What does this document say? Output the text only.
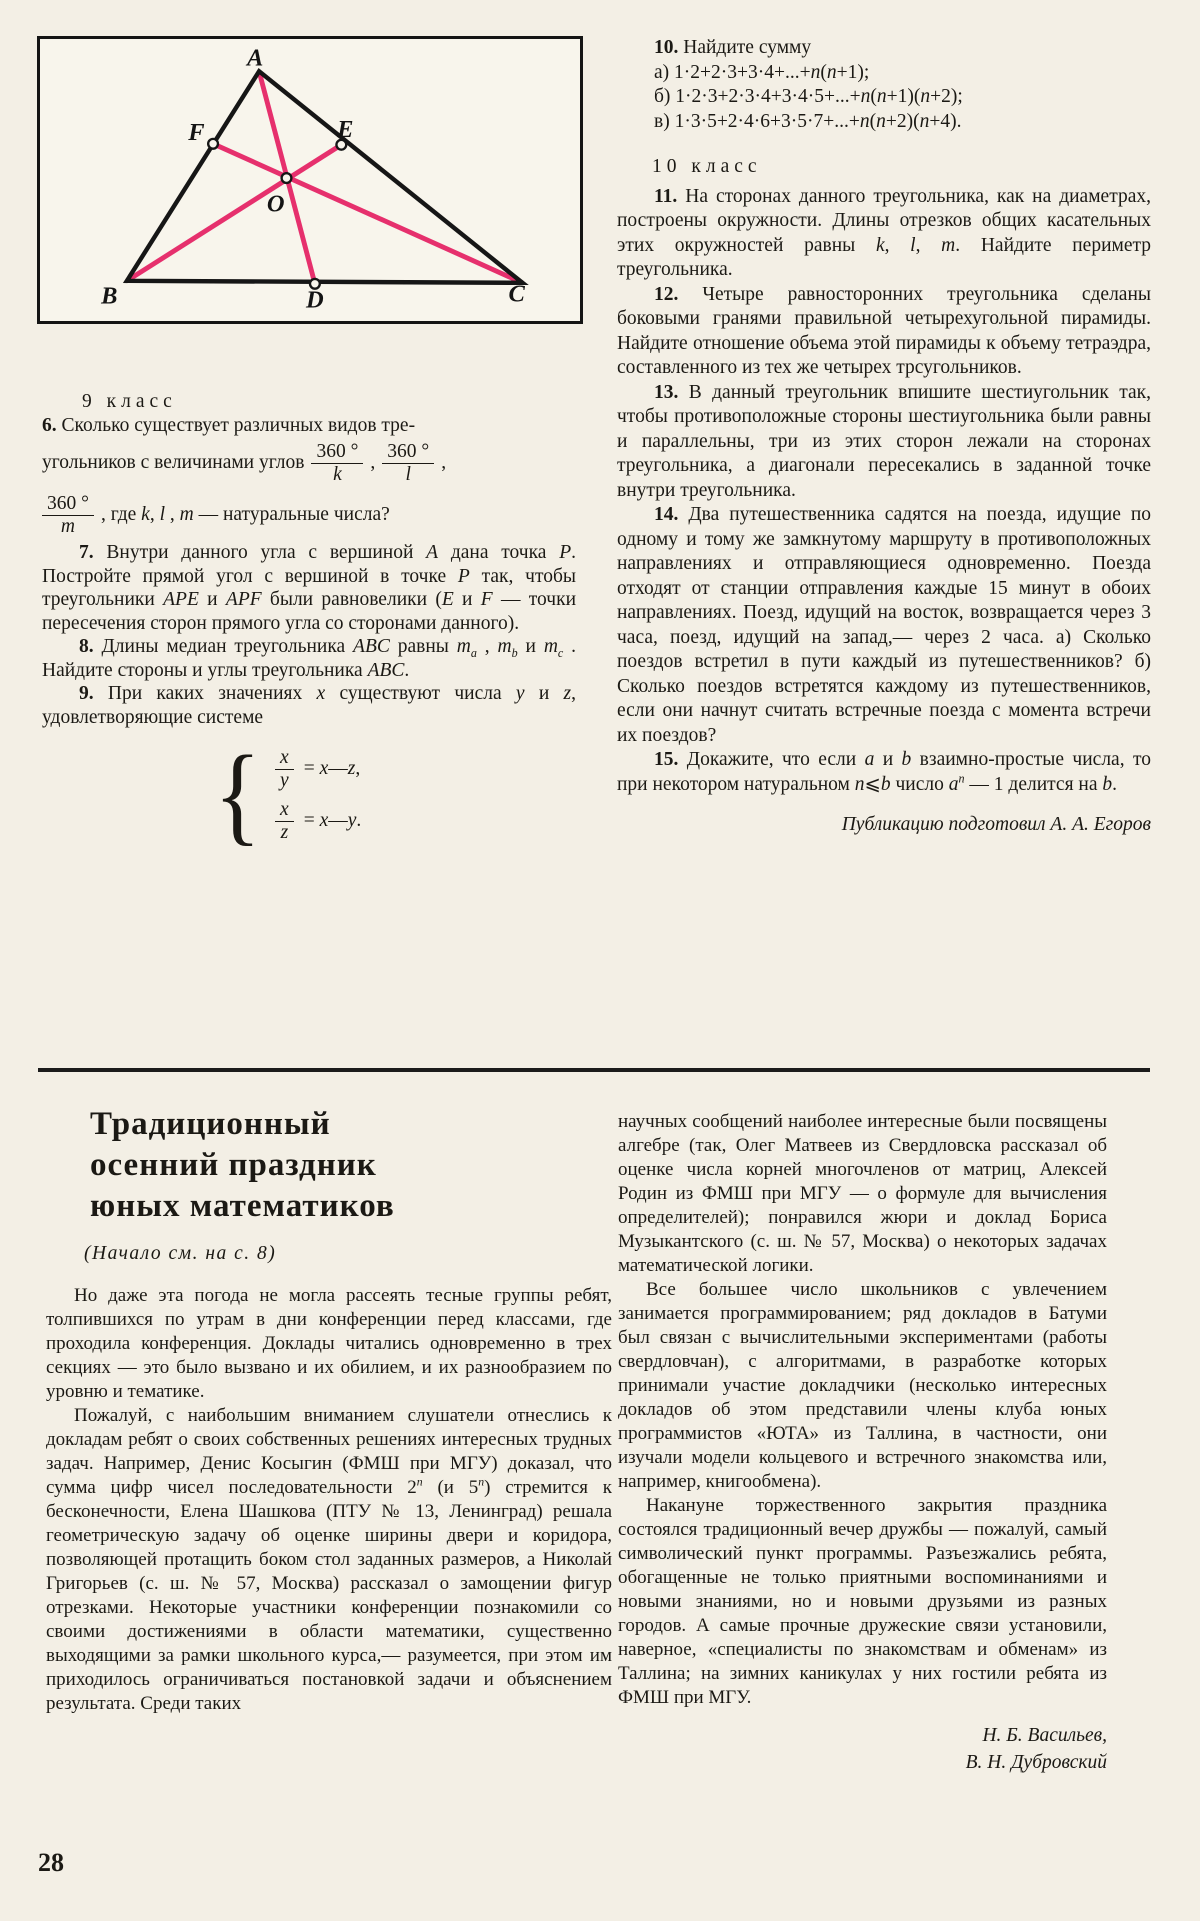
A
F	E
O
B	D	C
9 класс
6. Сколько существует различных видов тре-
угольников с величинами углов $\frac{360 ^\circ}{k}$ , $\frac{360 ^\circ}{l}$ ,
$\frac{360 ^\circ}{m}$ , где k, l , m — натуральные числа?

7. Внутри данного угла с вершиной A дана точка P. Постройте прямой угол с вершиной в точке P так, чтобы треугольники APE и APF были равновелики (E и F — точки пересечения сторон прямого угла со сторонами данного).

8. Длины медиан треугольника ABC равны $m_a$ , $m_b$ и $m_c$ . Найдите стороны и углы треугольника ABC.

9. При каких значениях x существуют числа y и z, удовлетворяющие системе

{ $\frac{x}{y}$ = x—z,
$\frac{x}{z}$ = x—y.

10. Найдите сумму

а) 1·2+2·3+3·4+...+n(n+1);
б) 1·2·3+2·3·4+3·4·5+...+n(n+1)(n+2);
в) 1·3·5+2·4·6+3·5·7+...+n(n+2)(n+4).
10 класс

11. На сторонах данного треугольника, как на диаметрах, построены окружности. Длины отрезков общих касательных этих окружностей равны k, l, m. Найдите периметр треугольника.

12. Четыре равносторонних треугольника сделаны боковыми гранями правильной четырехугольной пирамиды. Найдите отношение объема этой пирамиды к объему тетраэдра, составленного из тех же четырех трсугольников.

13. В данный треугольник впишите шестиугольник так, чтобы противоположные стороны шестиугольника были равны и параллельны, три из этих сторон лежали на сторонах треугольника, а диагонали пересекались в заданной точке внутри треугольника.

14. Два путешественника садятся на поезда, идущие по одному и тому же замкнутому маршруту в противоположных направлениях и отправляющиеся одновременно. Поезда отходят от станции отправления каждые 15 минут в обоих направлениях. Поезд, идущий на восток, возвращается через 3 часа, поезд, идущий на запад,— через 2 часа. а) Сколько поездов встретил в пути каждый из путешественников? б) Сколько поездов встретятся каждому из путешественников, если они начнут считать встречные поезда с момента встречи их поездов?

15. Докажите, что если a и b взаимно-простые числа, то при некотором натуральном n⩽b число $a^n$ — 1 делится на b.

Публикацию подготовил А. А. Егоров

Традиционный
осенний праздник
юных математиков

(Начало см. на с. 8)

Но даже эта погода не могла рассеять тесные группы ребят, толпившихся по утрам в дни конференции перед классами, где проходила конференция. Доклады читались одновременно в трех секциях — это было вызвано и их обилием, и их разнообразием по уровню и тематике.

Пожалуй, с наибольшим вниманием слушатели отнеслись к докладам ребят о своих собственных решениях интересных трудных задач. Например, Денис Косыгин (ФМШ при МГУ) доказал, что сумма цифр чисел последовательности 2$^n$ (и 5$^n$) стремится к бесконечности, Елена Шашкова (ПТУ № 13, Ленинград) решала геометрическую задачу об оценке ширины двери и коридора, позволяющей протащить боком стол заданных размеров, а Николай Григорьев (с. ш. № 57, Москва) рассказал о замощении фигур отрезками. Некоторые участники конференции познакомили со своими достижениями в области математики, существенно выходящими за рамки школьного курса,— разумеется, при этом им приходилось ограничиваться постановкой задачи и объяснением результата. Среди таких

научных сообщений наиболее интересные были посвящены алгебре (так, Олег Матвеев из Свердловска рассказал об оценке числа корней многочленов от матриц, Алексей Родин из ФМШ при МГУ — о формуле для вычисления определителей); понравился жюри и доклад Бориса Музыкантского (с. ш. № 57, Москва) о некоторых задачах математической логики.

Все большее число школьников с увлечением занимается программированием; ряд докладов в Батуми был связан с вычислительными экспериментами (работы свердловчан), с алгоритмами, в разработке которых принимали участие докладчики (несколько интересных докладов об этом представили члены клуба юных программистов «ЮТА» из Таллина, в частности, они изучали модели кольцевого и встречного знакомства или, например, книгообмена).

Накануне торжественного закрытия праздника состоялся традиционный вечер дружбы — пожалуй, самый символический пункт программы. Разъезжались ребята, обогащенные не только приятными воспоминаниями и новыми знаниями, но и новыми друзьями из разных городов. А самые прочные дружеские связи установили, наверное, «специалисты по знакомствам и обменам» из Таллина; на зимних каникулах у них гостили ребята из ФМШ при МГУ.

Н. Б. Васильев,
В. Н. Дубровский
28
